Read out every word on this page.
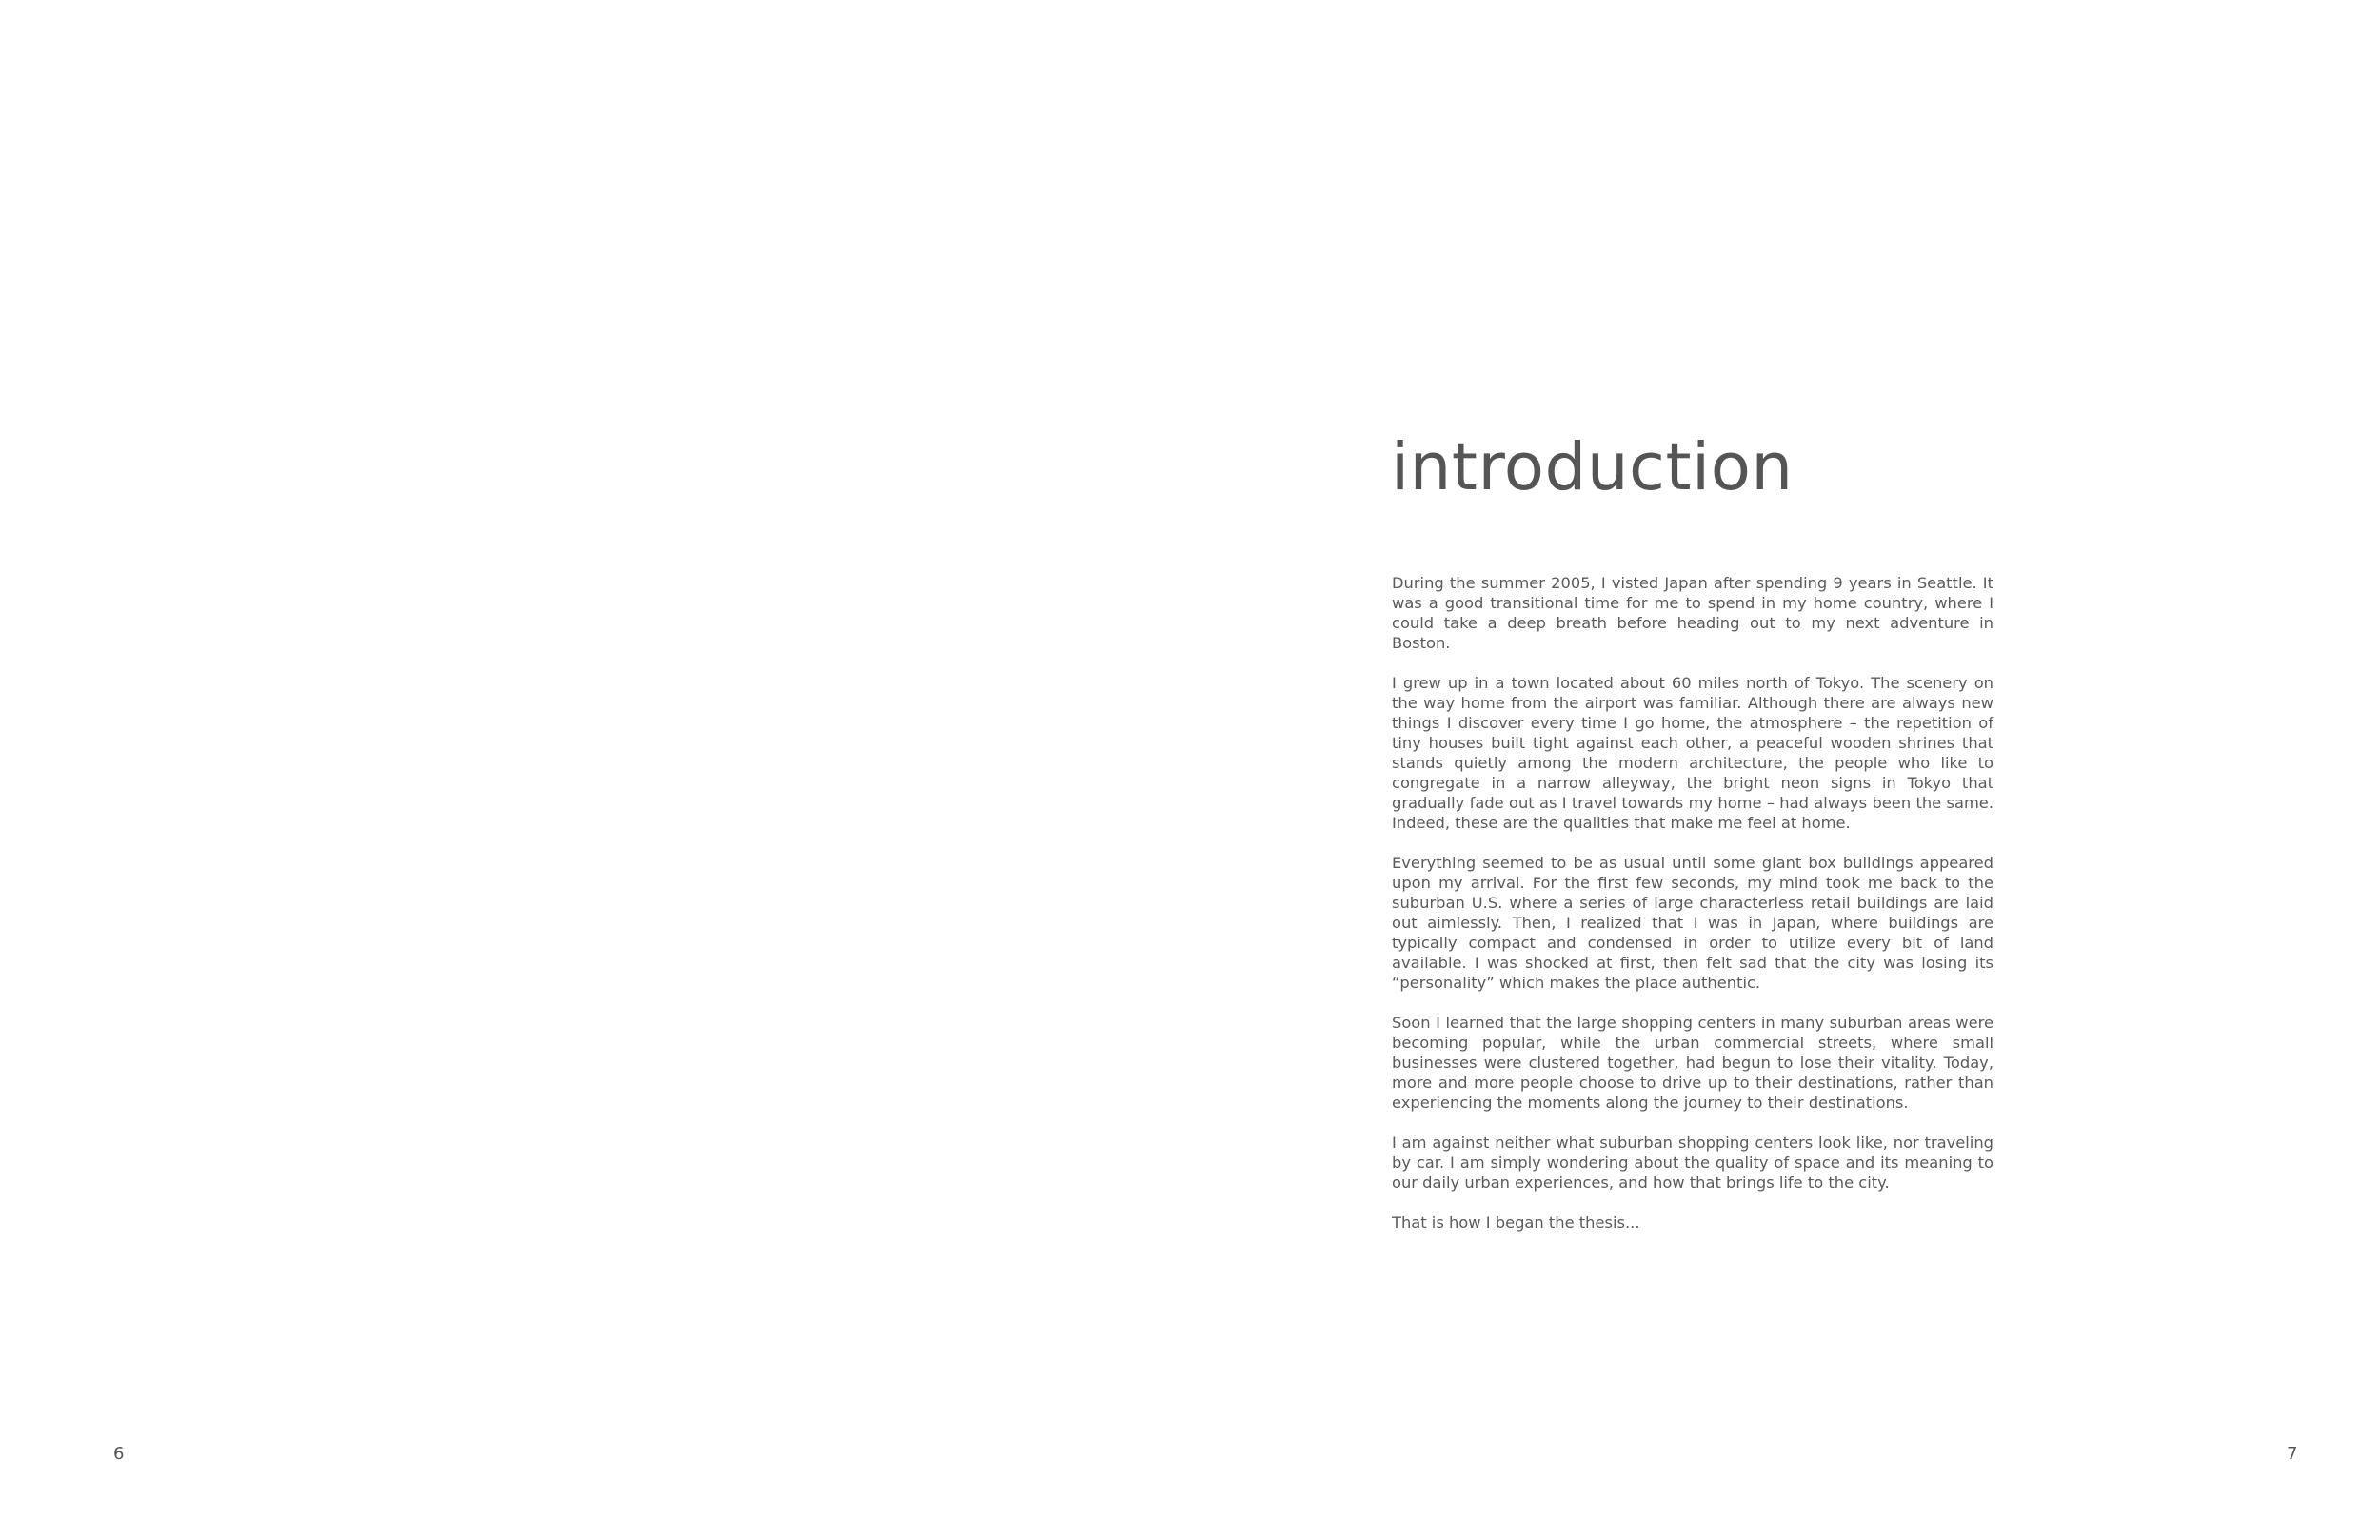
6
introduction

During the summer 2005, I visted Japan after spending 9 years in Seattle. It was a good transitional time for me to spend in my home country, where I could take a deep breath before heading out to my next adventure in Boston.

I grew up in a town located about 60 miles north of Tokyo. The scenery on the way home from the airport was familiar. Although there are always new things I discover every time I go home, the atmosphere – the repetition of tiny houses built tight against each other, a peaceful wooden shrines that stands quietly among the modern architecture, the people who like to congregate in a narrow alleyway, the bright neon signs in Tokyo that gradually fade out as I travel towards my home – had always been the same. Indeed, these are the qualities that make me feel at home.

Everything seemed to be as usual until some giant box buildings appeared upon my arrival. For the first few seconds, my mind took me back to the suburban U.S. where a series of large characterless retail buildings are laid out aimlessly. Then, I realized that I was in Japan, where buildings are typically compact and condensed in order to utilize every bit of land available. I was shocked at first, then felt sad that the city was losing its “personality” which makes the place authentic.

Soon I learned that the large shopping centers in many suburban areas were becoming popular, while the urban commercial streets, where small businesses were clustered together, had begun to lose their vitality. Today, more and more people choose to drive up to their destinations, rather than experiencing the moments along the journey to their destinations.

I am against neither what suburban shopping centers look like, nor traveling by car. I am simply wondering about the quality of space and its meaning to our daily urban experiences, and how that brings life to the city.

That is how I began the thesis...

7
